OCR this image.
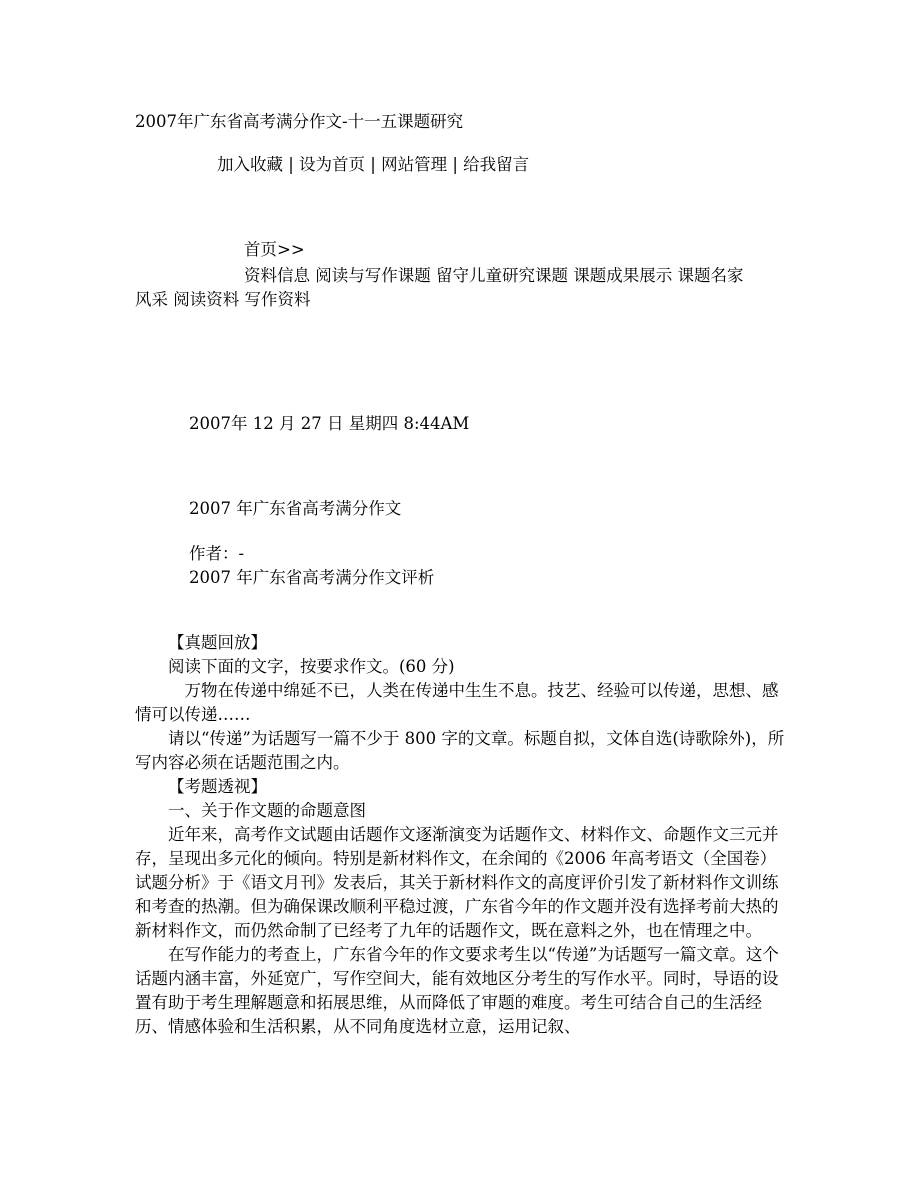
2007年广东省高考满分作文-十一五课题研究
加入收藏 | 设为首页 | 网站管理 | 给我留言
首页>>
资料信息 阅读与写作课题 留守儿童研究课题 课题成果展示 课题名家
风采 阅读资料 写作资料
2007年 12 月 27 日 星期四 8:44AM
2007 年广东省高考满分作文
作者：-
2007 年广东省高考满分作文评析

【真题回放】

阅读下面的文字，按要求作文。(60 分)

万物在传递中绵延不已，人类在传递中生生不息。技艺、经验可以传递，思想、感情可以传递……

请以“传递”为话题写一篇不少于 800 字的文章。标题自拟，文体自选(诗歌除外)，所写内容必须在话题范围之内。

【考题透视】

一、关于作文题的命题意图

近年来，高考作文试题由话题作文逐渐演变为话题作文、材料作文、命题作文三元并存，呈现出多元化的倾向。特别是新材料作文，在余闻的《2006 年高考语文（全国卷）试题分析》于《语文月刊》发表后，其关于新材料作文的高度评价引发了新材料作文训练和考查的热潮。但为确保课改顺利平稳过渡，广东省今年的作文题并没有选择考前大热的新材料作文，而仍然命制了已经考了九年的话题作文，既在意料之外，也在情理之中。

在写作能力的考查上，广东省今年的作文要求考生以“传递”为话题写一篇文章。这个话题内涵丰富，外延宽广，写作空间大，能有效地区分考生的写作水平。同时，导语的设置有助于考生理解题意和拓展思维，从而降低了审题的难度。考生可结合自己的生活经历、情感体验和生活积累，从不同角度选材立意，运用记叙、
